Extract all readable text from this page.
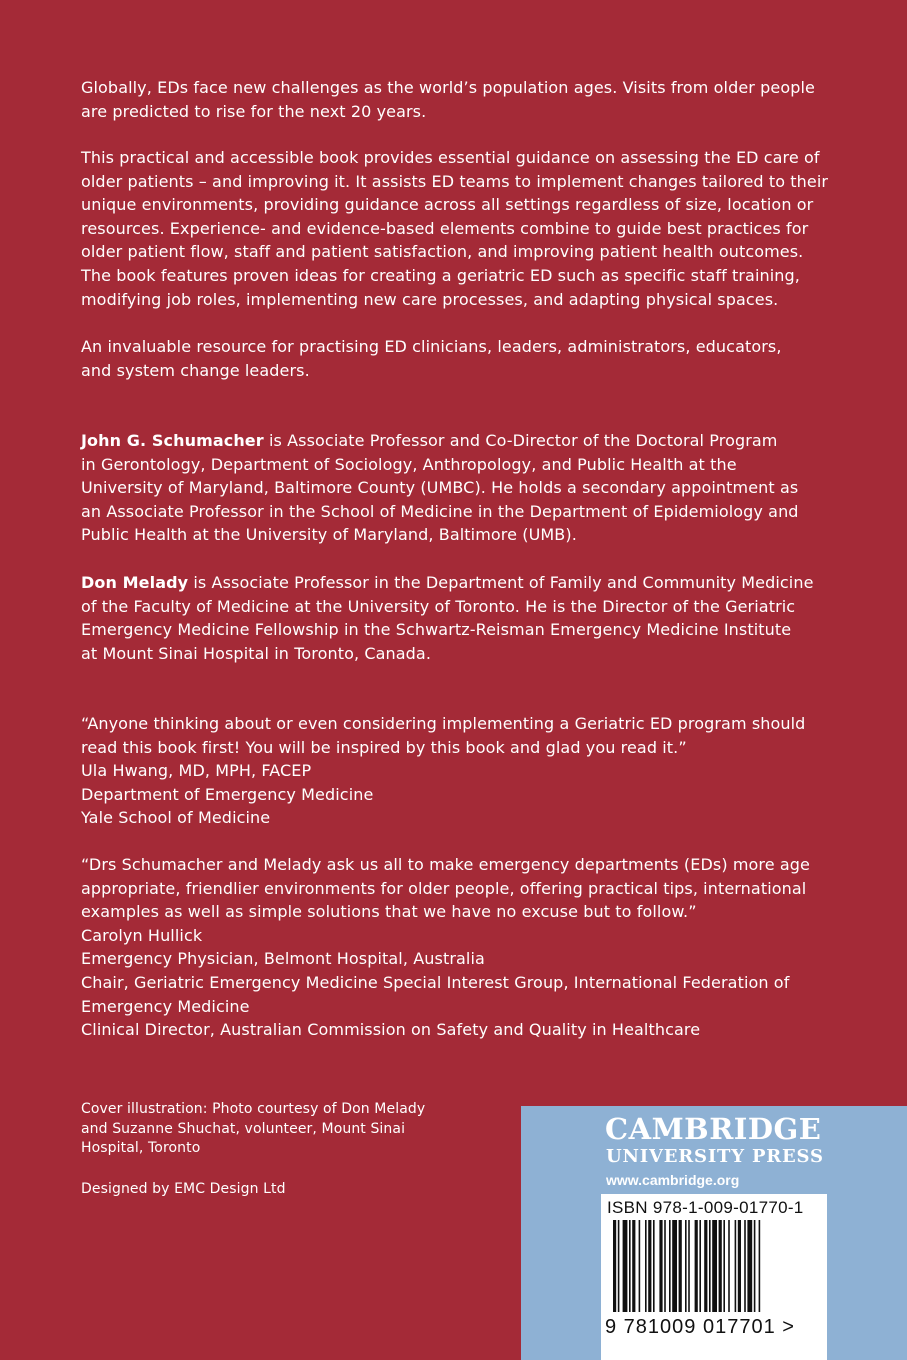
Globally, EDs face new challenges as the world’s population ages. Visits from older people
are predicted to rise for the next 20 years.
This practical and accessible book provides essential guidance on assessing the ED care of
older patients – and improving it. It assists ED teams to implement changes tailored to their
unique environments, providing guidance across all settings regardless of size, location or
resources. Experience- and evidence-based elements combine to guide best practices for
older patient flow, staff and patient satisfaction, and improving patient health outcomes.
The book features proven ideas for creating a geriatric ED such as specific staff training,
modifying job roles, implementing new care processes, and adapting physical spaces.
An invaluable resource for practising ED clinicians, leaders, administrators, educators,
and system change leaders.
John G. Schumacher is Associate Professor and Co-Director of the Doctoral Program
in Gerontology, Department of Sociology, Anthropology, and Public Health at the
University of Maryland, Baltimore County (UMBC). He holds a secondary appointment as
an Associate Professor in the School of Medicine in the Department of Epidemiology and
Public Health at the University of Maryland, Baltimore (UMB).
Don Melady is Associate Professor in the Department of Family and Community Medicine
of the Faculty of Medicine at the University of Toronto. He is the Director of the Geriatric
Emergency Medicine Fellowship in the Schwartz-Reisman Emergency Medicine Institute
at Mount Sinai Hospital in Toronto, Canada.
“Anyone thinking about or even considering implementing a Geriatric ED program should
read this book first! You will be inspired by this book and glad you read it.”
Ula Hwang, MD, MPH, FACEP
Department of Emergency Medicine
Yale School of Medicine
“Drs Schumacher and Melady ask us all to make emergency departments (EDs) more age
appropriate, friendlier environments for older people, offering practical tips, international
examples as well as simple solutions that we have no excuse but to follow.”
Carolyn Hullick
Emergency Physician, Belmont Hospital, Australia
Chair, Geriatric Emergency Medicine Special Interest Group, International Federation of
Emergency Medicine
Clinical Director, Australian Commission on Safety and Quality in Healthcare
Cover illustration: Photo courtesy of Don Melady
and Suzanne Shuchat, volunteer, Mount Sinai
Hospital, Toronto
Designed by EMC Design Ltd
CAMBRIDGE
UNIVERSITY PRESS
www.cambridge.org
ISBN 978-1-009-01770-1
9 781009 017701 >
